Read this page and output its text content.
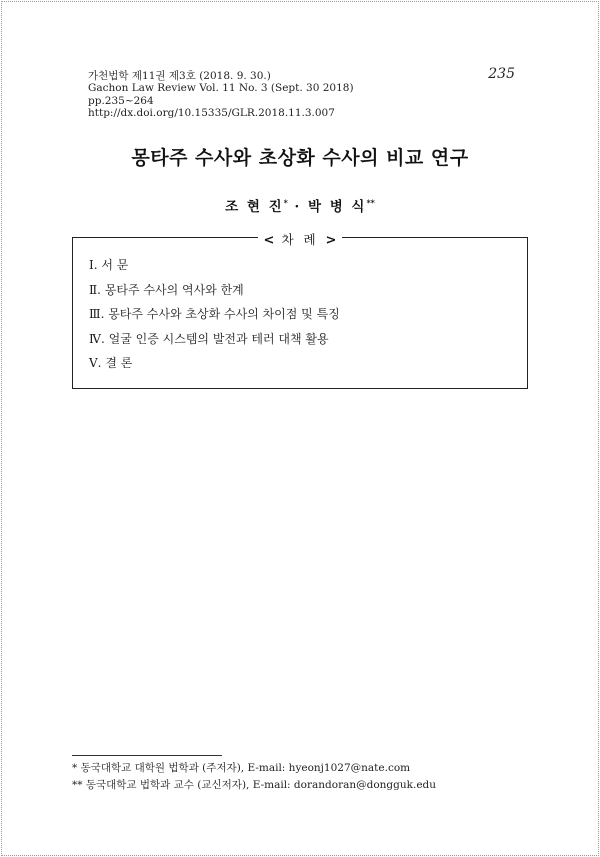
가천법학 제11권 제3호 (2018. 9. 30.)
Gachon Law Review Vol. 11 No. 3 (Sept. 30 2018)
pp.235~264
http://dx.doi.org/10.15335/GLR.2018.11.3.007
235
몽타주 수사와 초상화 수사의 비교 연구
조 현 진* · 박 병 식**
< 차 례 >
Ⅰ. 서 문
Ⅱ. 몽타주 수사의 역사와 한계
Ⅲ. 몽타주 수사와 초상화 수사의 차이점 및 특징
Ⅳ. 얼굴 인증 시스템의 발전과 테러 대책 활용
Ⅴ. 결 론
* 동국대학교 대학원 법학과 (주저자), E-mail: hyeonj1027@nate.com
** 동국대학교 법학과 교수 (교신저자), E-mail: dorandoran@dongguk.edu
